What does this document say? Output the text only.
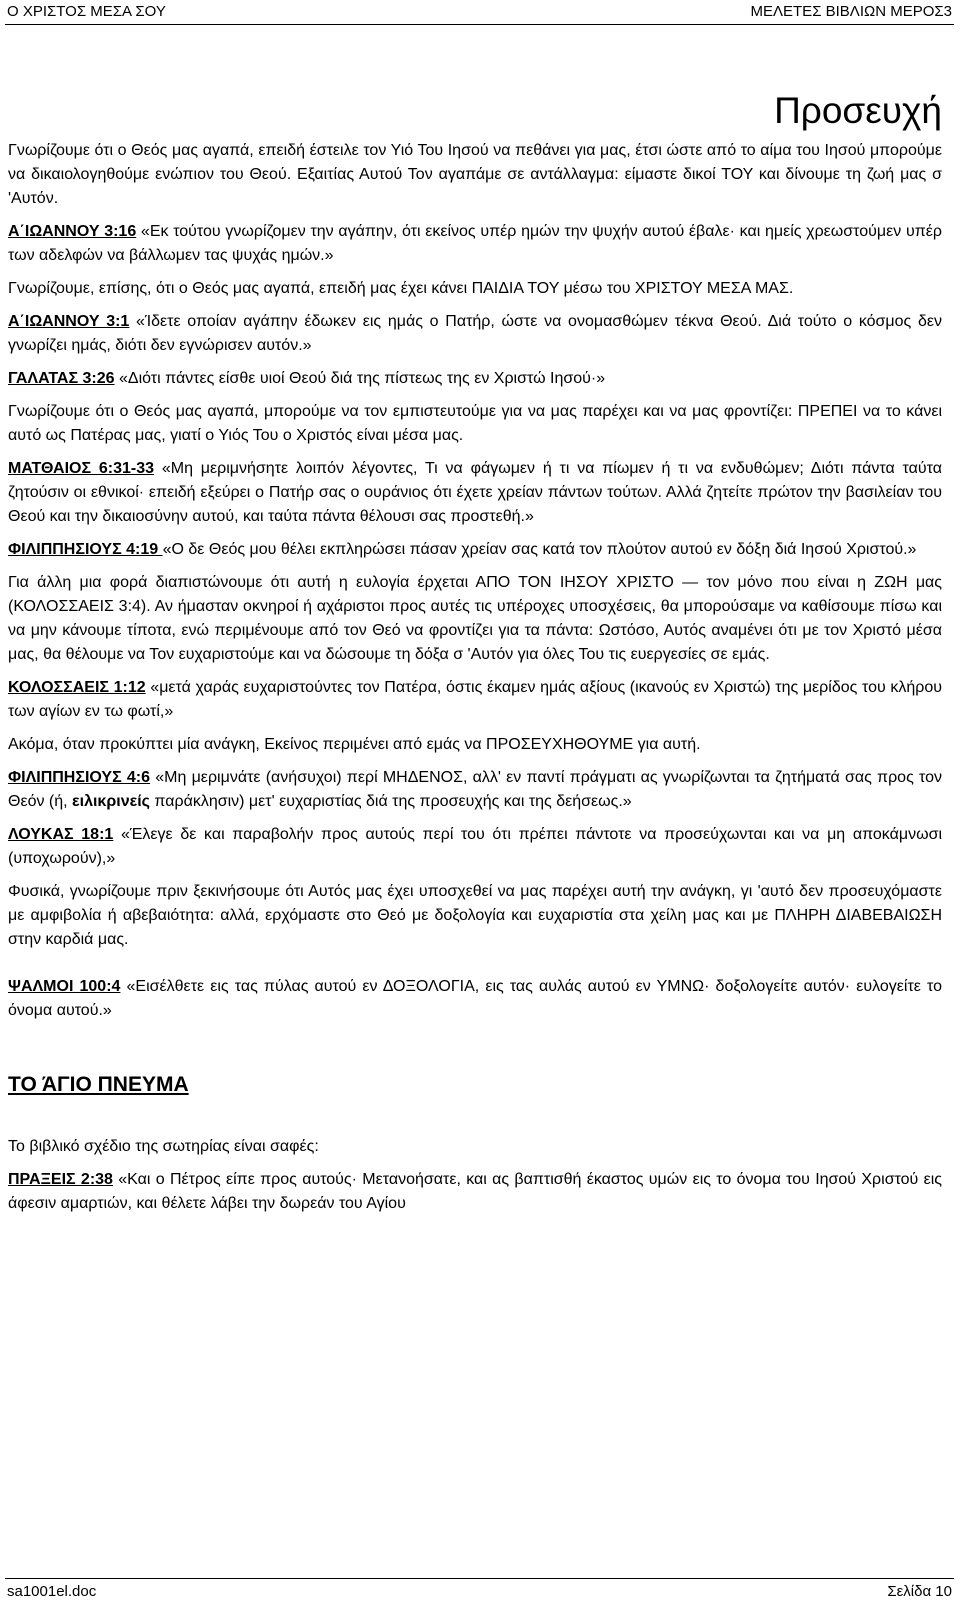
Ο ΧΡΙΣΤΟΣ ΜΕΣΑ ΣΟΥ	ΜΕΛΕΤΕΣ ΒΙΒΛΙΩΝ ΜΕΡΟΣ3
Προσευχή

Γνωρίζουμε ότι ο Θεός μας αγαπά, επειδή έστειλε τον Υιό Του Ιησού να πεθάνει για μας, έτσι ώστε από το αίμα του Ιησού μπορούμε να δικαιολογηθούμε ενώπιον του Θεού. Εξαιτίας Αυτού Τον αγαπάμε σε αντάλλαγμα: είμαστε δικοί ΤΟΥ και δίνουμε τη ζωή μας σ 'Αυτόν.

Α΄ΙΩΑΝΝΟΥ 3:16 «Εκ τούτου γνωρίζομεν την αγάπην, ότι εκείνος υπέρ ημών την ψυχήν αυτού έβαλε· και ημείς χρεωστούμεν υπέρ των αδελφών να βάλλωμεν τας ψυχάς ημών.»

Γνωρίζουμε, επίσης, ότι ο Θεός μας αγαπά, επειδή μας έχει κάνει ΠΑΙΔΙΑ ΤΟΥ μέσω του ΧΡΙΣΤΟΥ ΜΕΣΑ ΜΑΣ.

Α΄ΙΩΑΝΝΟΥ 3:1 «Ίδετε οποίαν αγάπην έδωκεν εις ημάς ο Πατήρ, ώστε να ονομασθώμεν τέκνα Θεού. Διά τούτο ο κόσμος δεν γνωρίζει ημάς, διότι δεν εγνώρισεν αυτόν.»

ΓΑΛΑΤΑΣ 3:26 «Διότι πάντες είσθε υιοί Θεού διά της πίστεως της εν Χριστώ Ιησού·»

Γνωρίζουμε ότι ο Θεός μας αγαπά, μπορούμε να τον εμπιστευτούμε για να μας παρέχει και να μας φροντίζει: ΠΡΕΠΕΙ να το κάνει αυτό ως Πατέρας μας, γιατί ο Υιός Του ο Χριστός είναι μέσα μας.

ΜΑΤΘΑΙΟΣ 6:31-33 «Μη μεριμνήσητε λοιπόν λέγοντες, Τι να φάγωμεν ή τι να πίωμεν ή τι να ενδυθώμεν; Διότι πάντα ταύτα ζητούσιν οι εθνικοί· επειδή εξεύρει ο Πατήρ σας ο ουράνιος ότι έχετε χρείαν πάντων τούτων. Αλλά ζητείτε πρώτον την βασιλείαν του Θεού και την δικαιοσύνην αυτού, και ταύτα πάντα θέλουσι σας προστεθή.»

ΦΙΛΙΠΠΗΣΙΟΥΣ 4:19 «Ο δε Θεός μου θέλει εκπληρώσει πάσαν χρείαν σας κατά τον πλούτον αυτού εν δόξη διά Ιησού Χριστού.»

Για άλλη μια φορά διαπιστώνουμε ότι αυτή η ευλογία έρχεται ΑΠΟ ΤΟΝ ΙΗΣΟΥ ΧΡΙΣΤΟ — τον μόνο που είναι η ΖΩΗ μας (ΚΟΛΟΣΣΑΕΙΣ 3:4). Αν ήμασταν οκνηροί ή αχάριστοι προς αυτές τις υπέροχες υποσχέσεις, θα μπορούσαμε να καθίσουμε πίσω και να μην κάνουμε τίποτα, ενώ περιμένουμε από τον Θεό να φροντίζει για τα πάντα: Ωστόσο, Αυτός αναμένει ότι με τον Χριστό μέσα μας, θα θέλουμε να Τον ευχαριστούμε και να δώσουμε τη δόξα σ 'Αυτόν για όλες Του τις ευεργεσίες σε εμάς.

ΚΟΛΟΣΣΑΕΙΣ 1:12 «μετά χαράς ευχαριστούντες τον Πατέρα, όστις έκαμεν ημάς αξίους (ικανούς εν Χριστώ) της μερίδος του κλήρου των αγίων εν τω φωτί,»

Ακόμα, όταν προκύπτει μία ανάγκη, Εκείνος περιμένει από εμάς να ΠΡΟΣΕΥΧΗΘΟΥΜΕ για αυτή.

ΦΙΛΙΠΠΗΣΙΟΥΣ 4:6 «Μη μεριμνάτε (ανήσυχοι) περί ΜΗΔΕΝΟΣ, αλλ' εν παντί πράγματι ας γνωρίζωνται τα ζητήματά σας προς τον Θεόν (ή, ειλικρινείς παράκλησιν) μετ' ευχαριστίας διά της προσευχής και της δεήσεως.»

ΛΟΥΚΑΣ 18:1 «Έλεγε δε και παραβολήν προς αυτούς περί του ότι πρέπει πάντοτε να προσεύχωνται και να μη αποκάμνωσι (υποχωρούν),»

Φυσικά, γνωρίζουμε πριν ξεκινήσουμε ότι Αυτός μας έχει υποσχεθεί να μας παρέχει αυτή την ανάγκη, γι 'αυτό δεν προσευχόμαστε με αμφιβολία ή αβεβαιότητα: αλλά, ερχόμαστε στο Θεό με δοξολογία και ευχαριστία στα χείλη μας και με ΠΛΗΡΗ ΔΙΑΒΕΒΑΙΩΣΗ στην καρδιά μας.

ΨΑΛΜΟΙ 100:4 «Εισέλθετε εις τας πύλας αυτού εν ΔΟΞΟΛΟΓΙΑ, εις τας αυλάς αυτού εν ΥΜΝΩ· δοξολογείτε αυτόν· ευλογείτε το όνομα αυτού.»

ΤΟ ΆΓΙΟ ΠΝΕΥΜΑ

Το βιβλικό σχέδιο της σωτηρίας είναι σαφές:

ΠΡΑΞΕΙΣ 2:38 «Και ο Πέτρος είπε προς αυτούς· Μετανοήσατε, και ας βαπτισθή έκαστος υμών εις το όνομα του Ιησού Χριστού εις άφεσιν αμαρτιών, και θέλετε λάβει την δωρεάν του Αγίου

sa1001el.doc	Σελίδα 10
